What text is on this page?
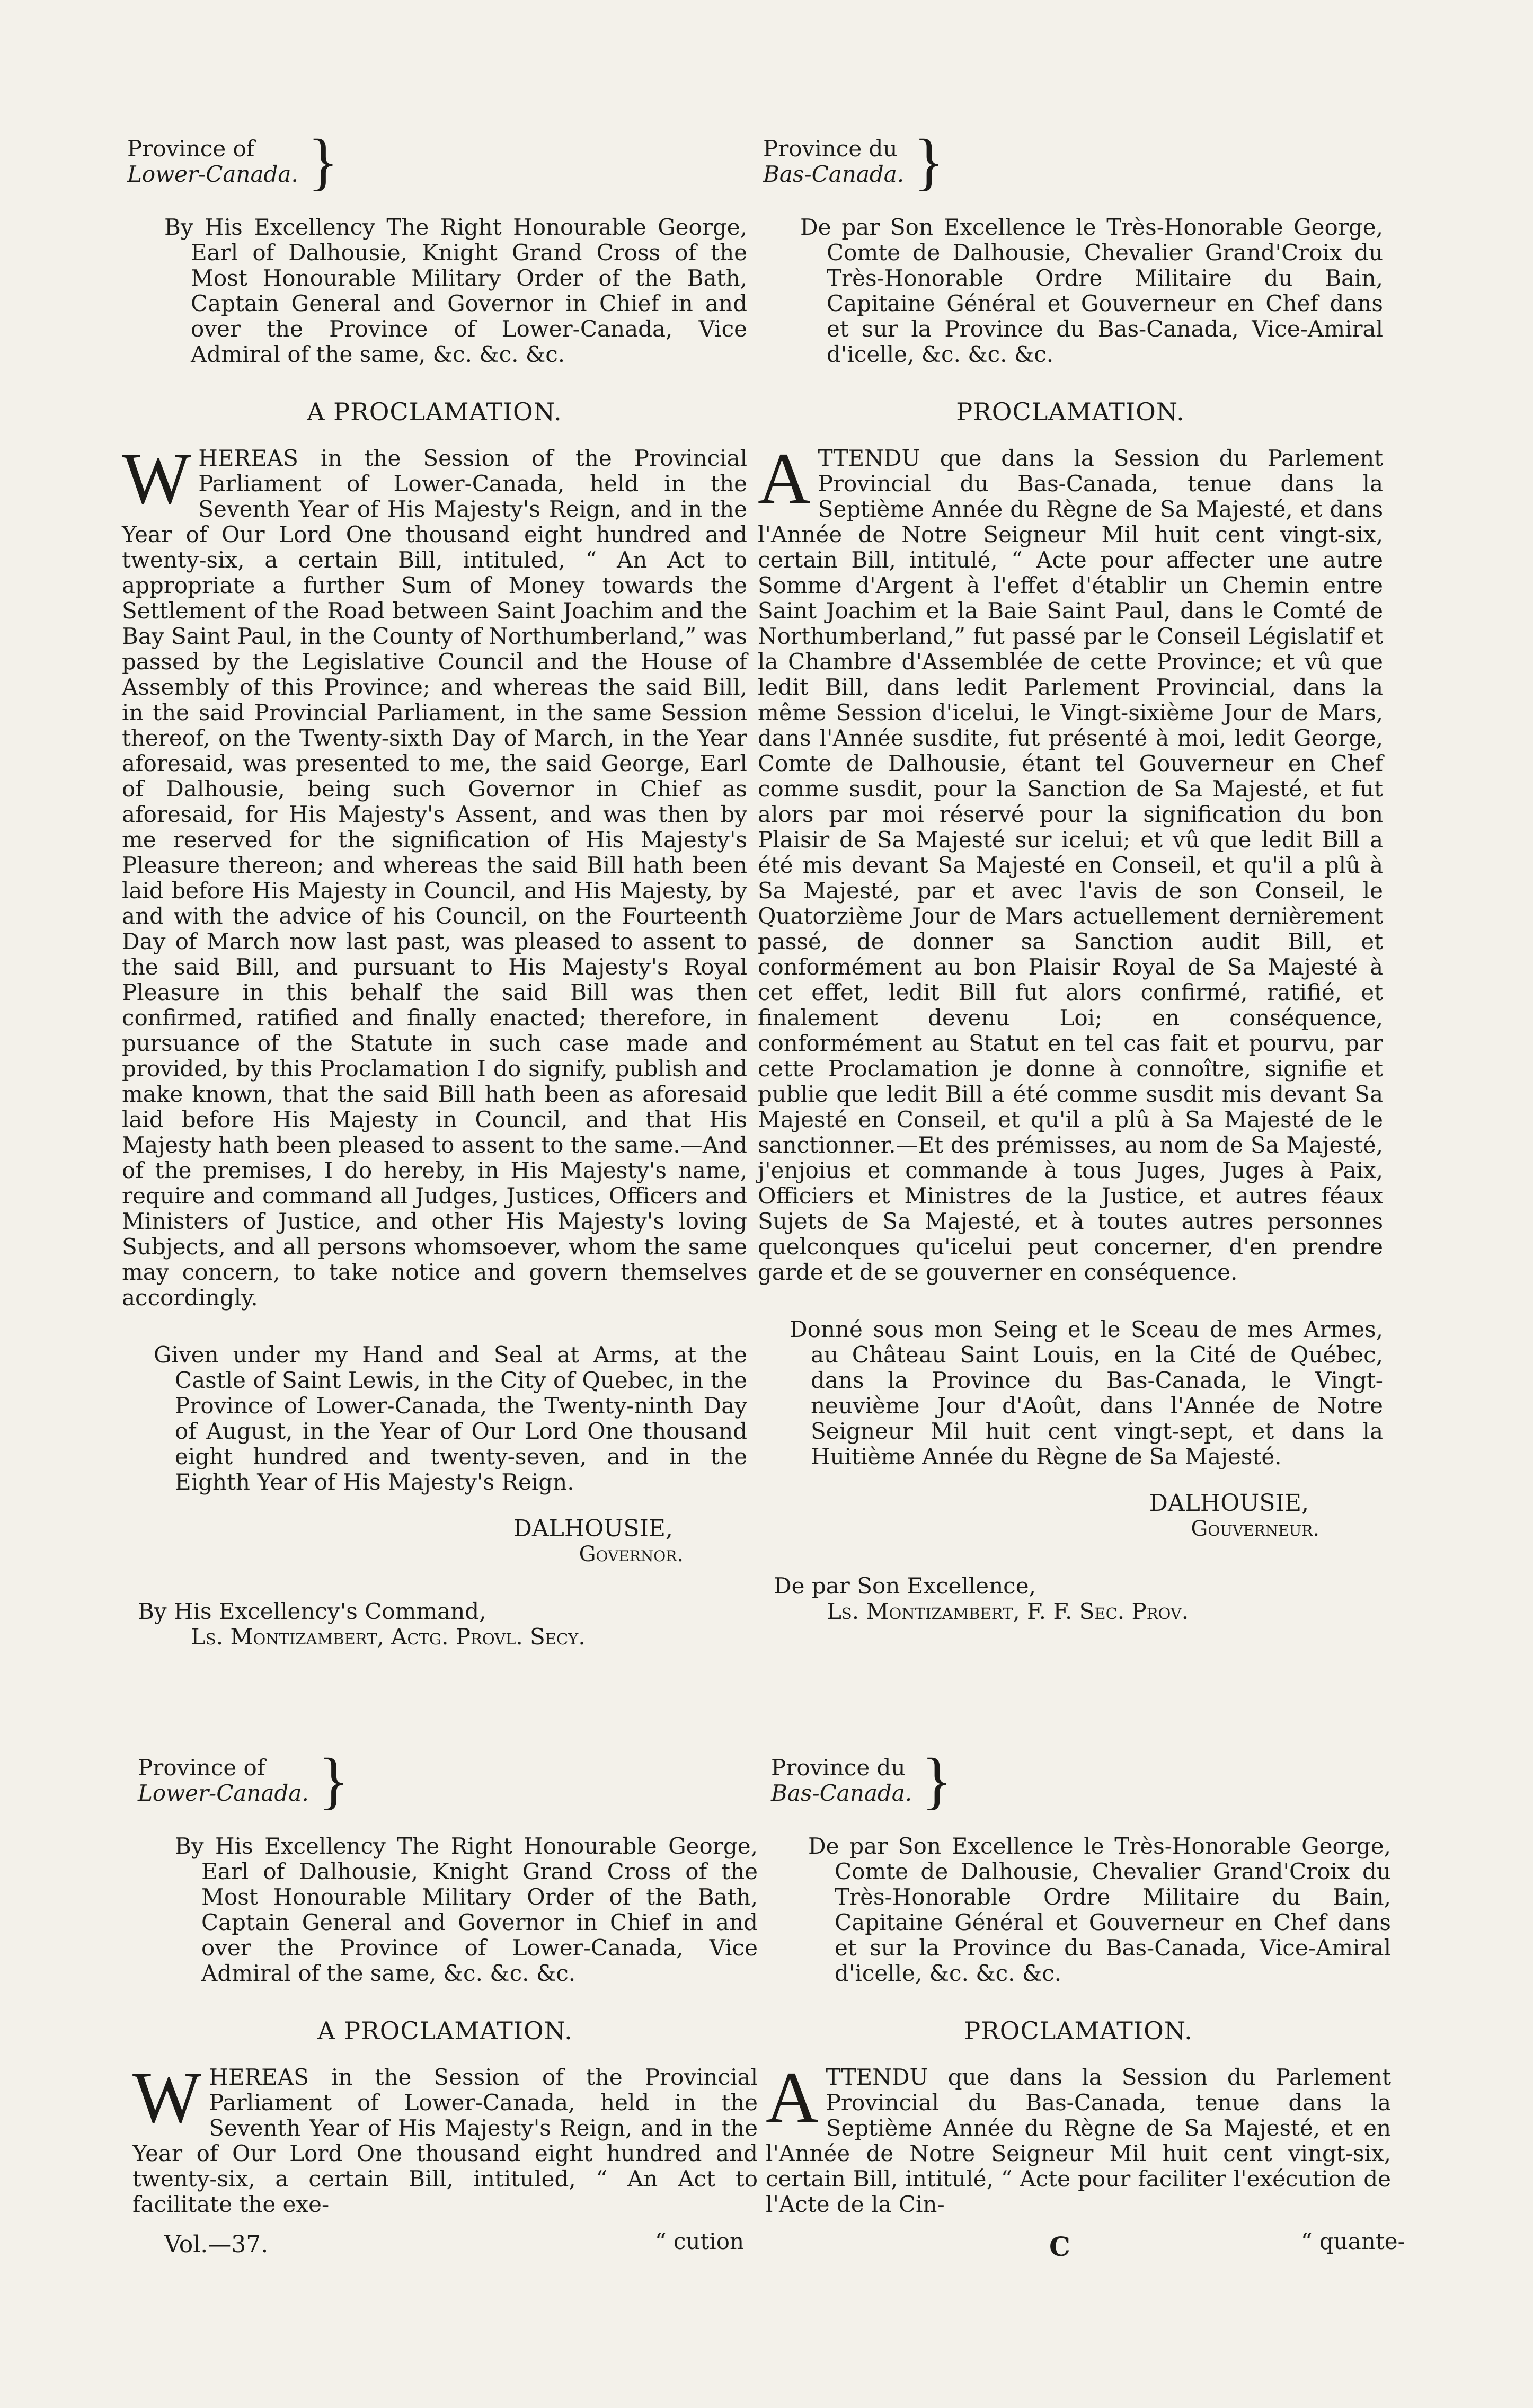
Province of
Lower-Canada. }

By His Excellency The Right Honourable George, Earl of Dalhousie, Knight Grand Cross of the Most Honourable Military Order of the Bath, Captain General and Governor in Chief in and over the Province of Lower-Canada, Vice Admiral of the same, &c. &c. &c.

A PROCLAMATION.

WHEREAS in the Session of the Provincial Parliament of Lower-Canada, held in the Seventh Year of His Majesty's Reign, and in the Year of Our Lord One thousand eight hundred and twenty-six, a certain Bill, intituled, “ An Act to appropriate a further Sum of Money towards the Settlement of the Road between Saint Joachim and the Bay Saint Paul, in the County of Northumberland,” was passed by the Legislative Council and the House of Assembly of this Province; and whereas the said Bill, in the said Provincial Parliament, in the same Session thereof, on the Twenty-sixth Day of March, in the Year aforesaid, was presented to me, the said George, Earl of Dalhousie, being such Governor in Chief as aforesaid, for His Majesty's Assent, and was then by me reserved for the signification of His Majesty's Pleasure thereon; and whereas the said Bill hath been laid before His Majesty in Council, and His Majesty, by and with the advice of his Council, on the Fourteenth Day of March now last past, was pleased to assent to the said Bill, and pursuant to His Majesty's Royal Pleasure in this behalf the said Bill was then confirmed, ratified and finally enacted; therefore, in pursuance of the Statute in such case made and provided, by this Proclamation I do signify, publish and make known, that the said Bill hath been as aforesaid laid before His Majesty in Council, and that His Majesty hath been pleased to assent to the same.—And of the premises, I do hereby, in His Majesty's name, require and command all Judges, Justices, Officers and Ministers of Justice, and other His Majesty's loving Subjects, and all persons whomsoever, whom the same may concern, to take notice and govern themselves accordingly.

Given under my Hand and Seal at Arms, at the Castle of Saint Lewis, in the City of Quebec, in the Province of Lower-Canada, the Twenty-ninth Day of August, in the Year of Our Lord One thousand eight hundred and twenty-seven, and in the Eighth Year of His Majesty's Reign.

DALHOUSIE,
Governor.
By His Excellency's Command,
Ls. Montizambert, Actg. Provl. Secy.
Province du
Bas-Canada. }

De par Son Excellence le Très-Honorable George, Comte de Dalhousie, Chevalier Grand'Croix du Très-Honorable Ordre Militaire du Bain, Capitaine Général et Gouverneur en Chef dans et sur la Province du Bas-Canada, Vice-Amiral d'icelle, &c. &c. &c.

PROCLAMATION.

ATTENDU que dans la Session du Parlement Provincial du Bas-Canada, tenue dans la Septième Année du Règne de Sa Majesté, et dans l'Année de Notre Seigneur Mil huit cent vingt-six, certain Bill, intitulé, “ Acte pour affecter une autre Somme d'Argent à l'effet d'établir un Chemin entre Saint Joachim et la Baie Saint Paul, dans le Comté de Northumberland,” fut passé par le Conseil Législatif et la Chambre d'Assemblée de cette Province; et vû que ledit Bill, dans ledit Parlement Provincial, dans la même Session d'icelui, le Vingt-sixième Jour de Mars, dans l'Année susdite, fut présenté à moi, ledit George, Comte de Dalhousie, étant tel Gouverneur en Chef comme susdit, pour la Sanction de Sa Majesté, et fut alors par moi réservé pour la signification du bon Plaisir de Sa Majesté sur icelui; et vû que ledit Bill a été mis devant Sa Majesté en Conseil, et qu'il a plû à Sa Majesté, par et avec l'avis de son Conseil, le Quatorzième Jour de Mars actuellement dernièrement passé, de donner sa Sanction audit Bill, et conformément au bon Plaisir Royal de Sa Majesté à cet effet, ledit Bill fut alors confirmé, ratifié, et finalement devenu Loi; en conséquence, conformément au Statut en tel cas fait et pourvu, par cette Proclamation je donne à connoître, signifie et publie que ledit Bill a été comme susdit mis devant Sa Majesté en Conseil, et qu'il a plû à Sa Majesté de le sanctionner.—Et des prémisses, au nom de Sa Majesté, j'enjoius et commande à tous Juges, Juges à Paix, Officiers et Ministres de la Justice, et autres féaux Sujets de Sa Majesté, et à toutes autres personnes quelconques qu'icelui peut concerner, d'en prendre garde et de se gouverner en conséquence.

Donné sous mon Seing et le Sceau de mes Armes, au Château Saint Louis, en la Cité de Québec, dans la Province du Bas-Canada, le Vingt-neuvième Jour d'Août, dans l'Année de Notre Seigneur Mil huit cent vingt-sept, et dans la Huitième Année du Règne de Sa Majesté.

DALHOUSIE,
Gouverneur.
De par Son Excellence,
Ls. Montizambert, F. F. Sec. Prov.
Province of
Lower-Canada. }

By His Excellency The Right Honourable George, Earl of Dalhousie, Knight Grand Cross of the Most Honourable Military Order of the Bath, Captain General and Governor in Chief in and over the Province of Lower-Canada, Vice Admiral of the same, &c. &c. &c.

A PROCLAMATION.

WHEREAS in the Session of the Provincial Parliament of Lower-Canada, held in the Seventh Year of His Majesty's Reign, and in the Year of Our Lord One thousand eight hundred and twenty-six, a certain Bill, intituled, “ An Act to facilitate the exe-

Province du
Bas-Canada. }

De par Son Excellence le Très-Honorable George, Comte de Dalhousie, Chevalier Grand'Croix du Très-Honorable Ordre Militaire du Bain, Capitaine Général et Gouverneur en Chef dans et sur la Province du Bas-Canada, Vice-Amiral d'icelle, &c. &c. &c.

PROCLAMATION.

ATTENDU que dans la Session du Parlement Provincial du Bas-Canada, tenue dans la Septième Année du Règne de Sa Majesté, et en l'Année de Notre Seigneur Mil huit cent vingt-six, certain Bill, intitulé, “ Acte pour faciliter l'exécution de l'Acte de la Cin-

“ cution	“ quante-
Vol.—37.	C
